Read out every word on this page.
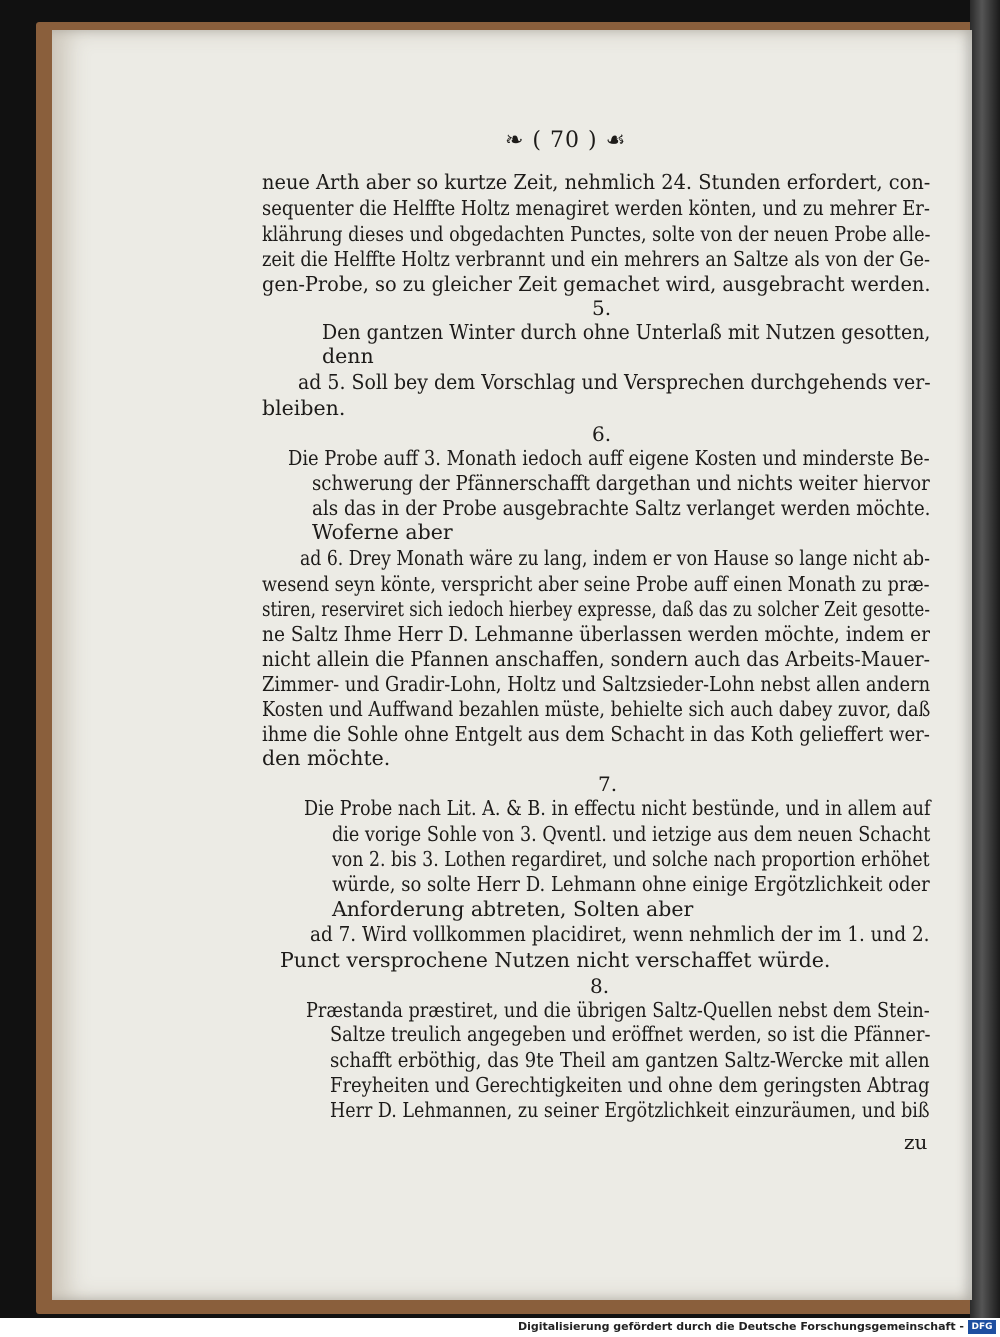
❧ ( 70 ) ☙
neue Arth aber so kurtze Zeit, nehmlich 24. Stunden erfordert, con-
sequenter die Helffte Holtz menagiret werden könten, und zu mehrer Er-
klährung dieses und obgedachten Punctes, solte von der neuen Probe alle-
zeit die Helffte Holtz verbrannt und ein mehrers an Saltze als von der Ge-
gen-Probe, so zu gleicher Zeit gemachet wird, ausgebracht werden.
5.
Den gantzen Winter durch ohne Unterlaß mit Nutzen gesotten,
denn
ad 5. Soll bey dem Vorschlag und Versprechen durchgehends ver-
bleiben.
6.
Die Probe auff 3. Monath iedoch auff eigene Kosten und minderste Be-
schwerung der Pfännerschafft dargethan und nichts weiter hiervor
als das in der Probe ausgebrachte Saltz verlanget werden möchte.
Woferne aber
ad 6. Drey Monath wäre zu lang, indem er von Hause so lange nicht ab-
wesend seyn könte, verspricht aber seine Probe auff einen Monath zu præ-
stiren, reserviret sich iedoch hierbey expresse, daß das zu solcher Zeit gesotte-
ne Saltz Ihme Herr D. Lehmanne überlassen werden möchte, indem er
nicht allein die Pfannen anschaffen, sondern auch das Arbeits-Mauer-
Zimmer- und Gradir-Lohn, Holtz und Saltzsieder-Lohn nebst allen andern
Kosten und Auffwand bezahlen müste, behielte sich auch dabey zuvor, daß
ihme die Sohle ohne Entgelt aus dem Schacht in das Koth gelieffert wer-
den möchte.
7.
Die Probe nach Lit. A. & B. in effectu nicht bestünde, und in allem auf
die vorige Sohle von 3. Qventl. und ietzige aus dem neuen Schacht
von 2. bis 3. Lothen regardiret, und solche nach proportion erhöhet
würde, so solte Herr D. Lehmann ohne einige Ergötzlichkeit oder
Anforderung abtreten, Solten aber
ad 7. Wird vollkommen placidiret, wenn nehmlich der im 1. und 2.
Punct versprochene Nutzen nicht verschaffet würde.
8.
Præstanda præstiret, und die übrigen Saltz-Quellen nebst dem Stein-
Saltze treulich angegeben und eröffnet werden, so ist die Pfänner-
schafft erböthig, das 9te Theil am gantzen Saltz-Wercke mit allen
Freyheiten und Gerechtigkeiten und ohne dem geringsten Abtrag
Herr D. Lehmannen, zu seiner Ergötzlichkeit einzuräumen, und biß
zu
Digitalisierung gefördert durch die Deutsche Forschungsgemeinschaft - DFG
